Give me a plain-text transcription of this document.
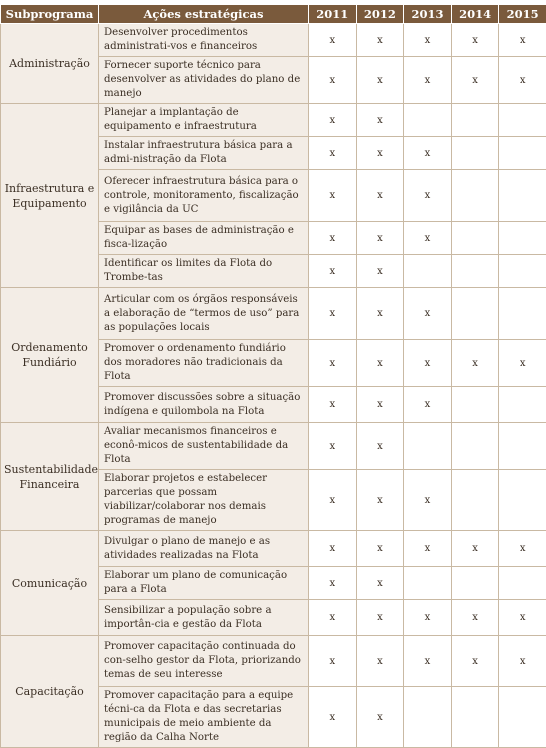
Subprograma	Ações estratégicas	2011	2012	2013	2014	2015
Administração	Desenvolver procedimentos administrati-vos e financeiros	x	x	x	x	x
	Fornecer suporte técnico para desenvolver as atividades do plano de manejo	x	x	x	x	x
Infraestrutura e Equipamento	Planejar a implantação de equipamento e infraestrutura	x	x			
	Instalar infraestrutura básica para a admi-nistração da Flota	x	x	x		
	Oferecer infraestrutura básica para o controle, monitoramento, fiscalização e vigilância da UC	x	x	x		
	Equipar as bases de administração e fisca-lização	x	x	x		
	Identificar os limites da Flota do Trombe-tas	x	x			
Ordenamento Fundiário	Articular com os órgãos responsáveis a elaboração de “termos de uso” para as populações locais	x	x	x		
	Promover o ordenamento fundiário dos moradores não tradicionais da Flota	x	x	x	x	x
	Promover discussões sobre a situação indígena e quilombola na Flota	x	x	x		
Sustentabilidade Financeira	Avaliar mecanismos financeiros e econô-micos de sustentabilidade da Flota	x	x			
	Elaborar projetos e estabelecer parcerias que possam viabilizar/colaborar nos demais programas de manejo	x	x	x		
Comunicação	Divulgar o plano de manejo e as atividades realizadas na Flota	x	x	x	x	x
	Elaborar um plano de comunicação para a Flota	x	x			
	Sensibilizar a população sobre a importân-cia e gestão da Flota	x	x	x	x	x
Capacitação	Promover capacitação continuada do con-selho gestor da Flota, priorizando temas de seu interesse	x	x	x	x	x
	Promover capacitação para a equipe técni-ca da Flota e das secretarias municipais de meio ambiente da região da Calha Norte	x	x			
